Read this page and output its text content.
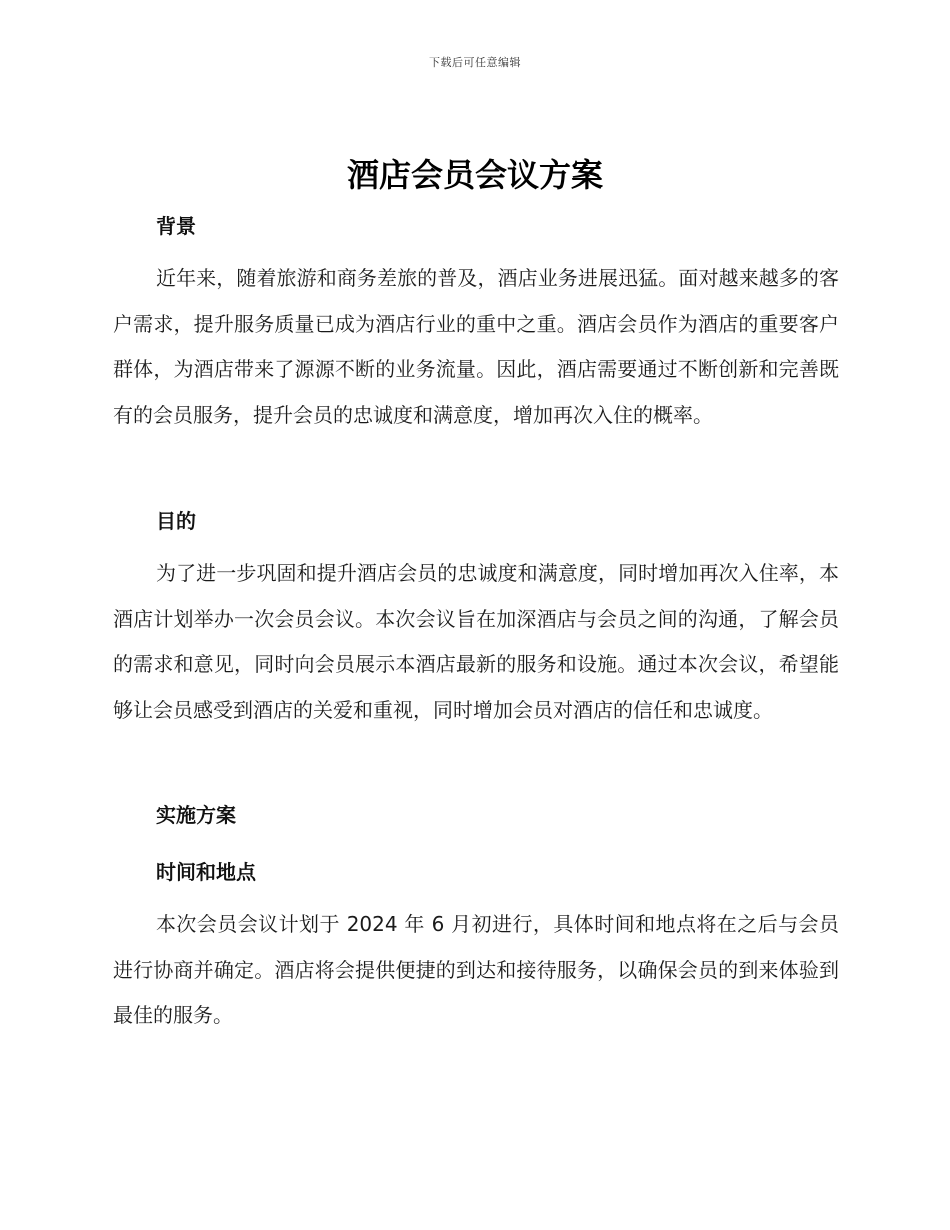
下载后可任意编辑
酒店会员会议方案
背景

近年来，随着旅游和商务差旅的普及，酒店业务进展迅猛。面对越来越多的客户需求，提升服务质量已成为酒店行业的重中之重。酒店会员作为酒店的重要客户群体，为酒店带来了源源不断的业务流量。因此，酒店需要通过不断创新和完善既有的会员服务，提升会员的忠诚度和满意度，增加再次入住的概率。

目的

为了进一步巩固和提升酒店会员的忠诚度和满意度，同时增加再次入住率，本酒店计划举办一次会员会议。本次会议旨在加深酒店与会员之间的沟通，了解会员的需求和意见，同时向会员展示本酒店最新的服务和设施。通过本次会议，希望能够让会员感受到酒店的关爱和重视，同时增加会员对酒店的信任和忠诚度。

实施方案
时间和地点

本次会员会议计划于 2024 年 6 月初进行，具体时间和地点将在之后与会员进行协商并确定。酒店将会提供便捷的到达和接待服务，以确保会员的到来体验到最佳的服务。
